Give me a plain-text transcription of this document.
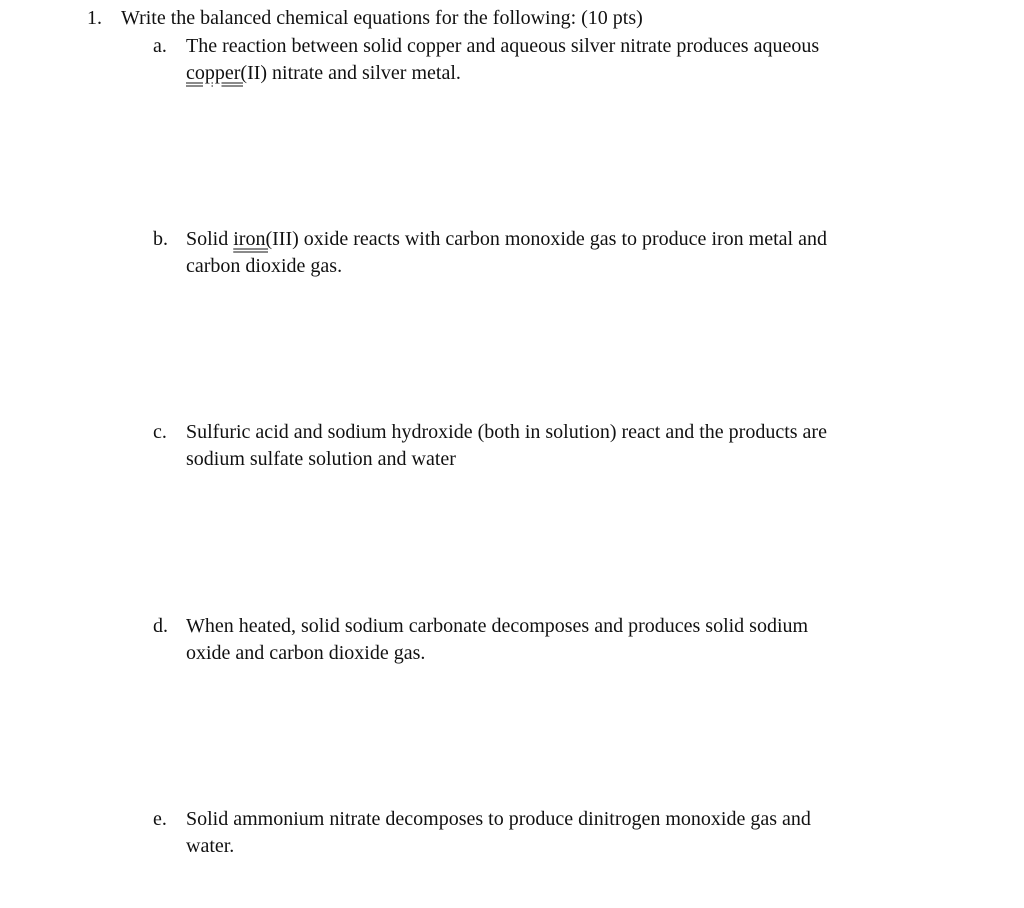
1. Write the balanced chemical equations for the following: (10 pts)
a. The reaction between solid copper and aqueous silver nitrate produces aqueous
copper(II) nitrate and silver metal.
b. Solid iron(III) oxide reacts with carbon monoxide gas to produce iron metal and
carbon dioxide gas.
c. Sulfuric acid and sodium hydroxide (both in solution) react and the products are
sodium sulfate solution and water
d. When heated, solid sodium carbonate decomposes and produces solid sodium
oxide and carbon dioxide gas.
e. Solid ammonium nitrate decomposes to produce dinitrogen monoxide gas and
water.
